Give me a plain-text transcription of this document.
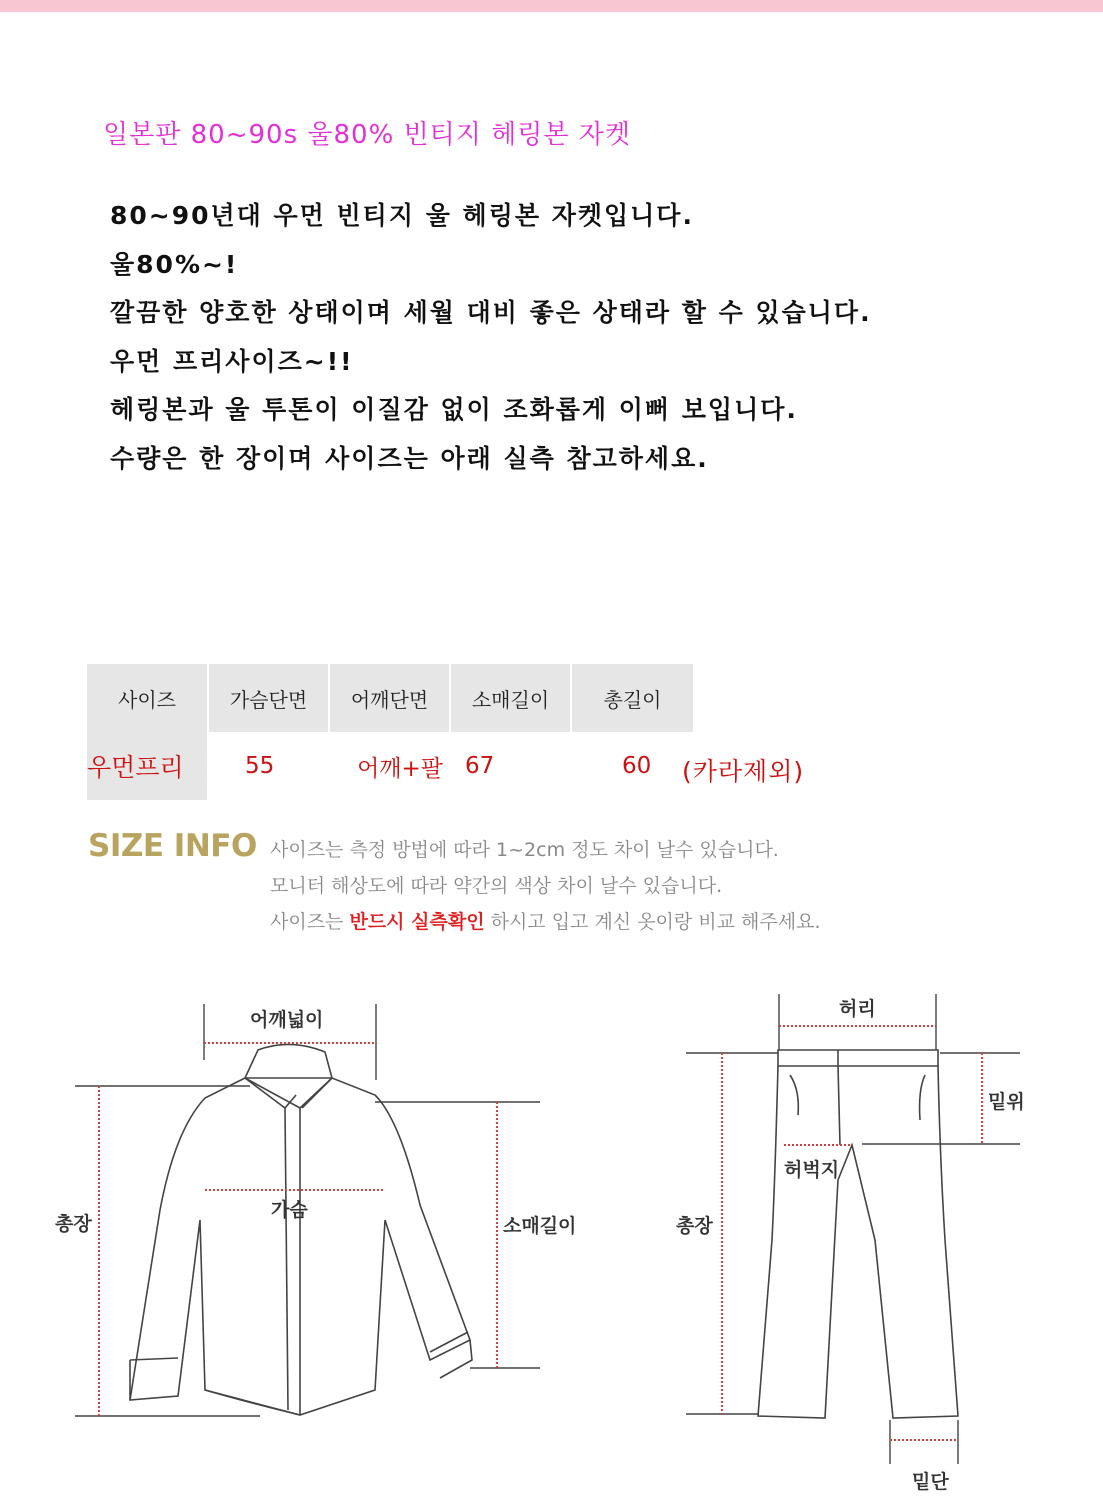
일본판 80~90s 울80% 빈티지 헤링본 자켓
80~90년대 우먼 빈티지 울 헤링본 자켓입니다.
울80%~!
깔끔한 양호한 상태이며 세월 대비 좋은 상태라 할 수 있습니다.
우먼 프리사이즈~!!
헤링본과 울 투톤이 이질감 없이 조화롭게 이뻐 보입니다.
수량은 한 장이며 사이즈는 아래 실측 참고하세요.
사이즈	가슴단면	어깨단면	소매길이	총길이
우먼프리	55	어깨+팔	67	60 (카라제외)
SIZE INFO 사이즈는 측정 방법에 따라 1~2cm 정도 차이 날수 있습니다.
모니터 해상도에 따라 약간의 색상 차이 날수 있습니다.
사이즈는 반드시 실측확인 하시고 입고 계신 옷이랑 비교 해주세요.
어깨넓이
총장
가슴
소매길이
허리
밑위
허벅지
총장
밑단
